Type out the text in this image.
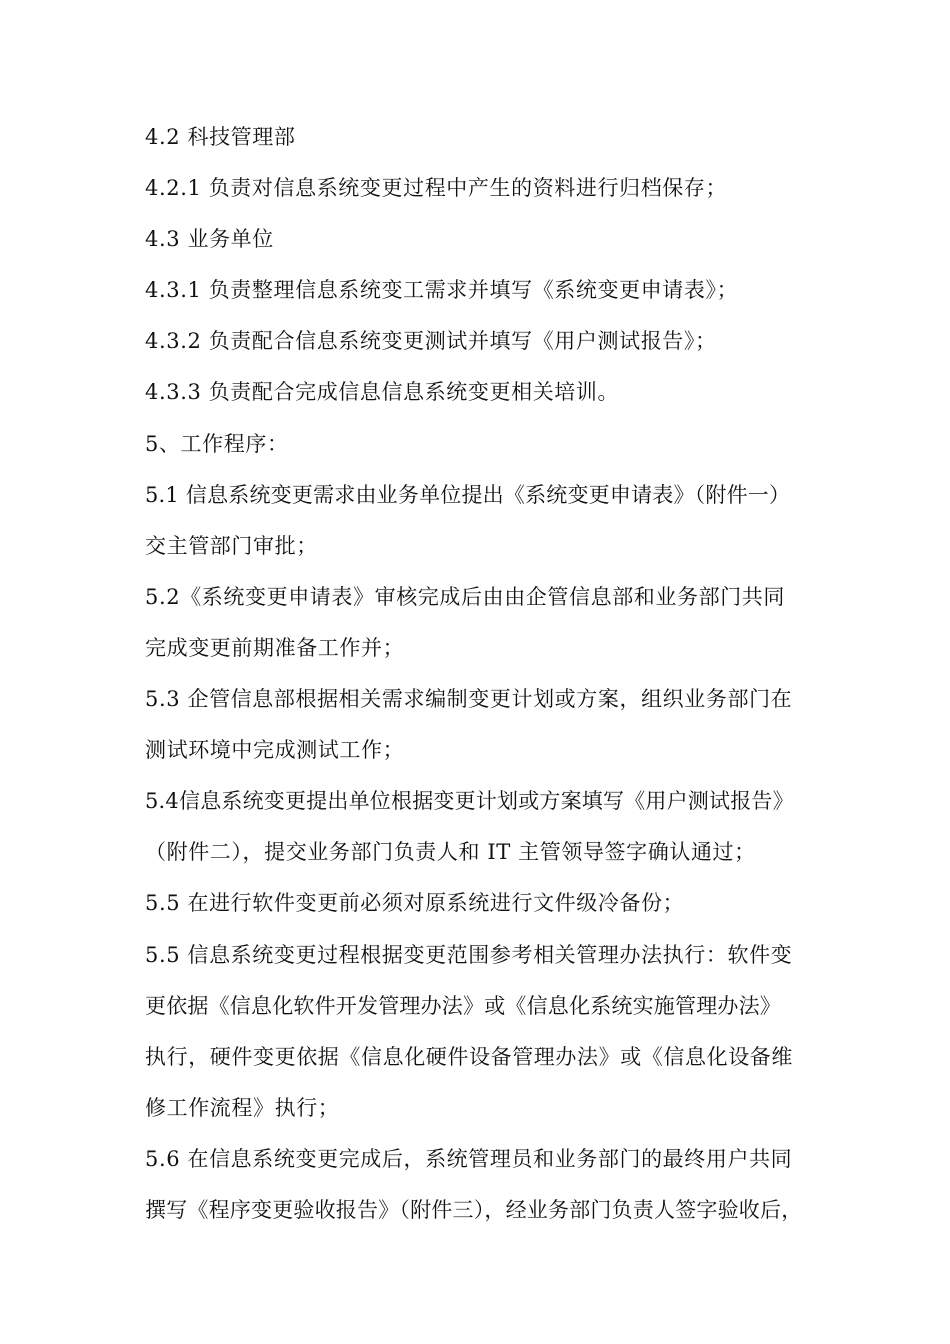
4.2 科技管理部
4.2.1 负责对信息系统变更过程中产生的资料进行归档保存；
4.3 业务单位
4.3.1 负责整理信息系统变工需求并填写《系统变更申请表》；
4.3.2 负责配合信息系统变更测试并填写《用户测试报告》；
4.3.3 负责配合完成信息信息系统变更相关培训。
5、工作程序：
5.1 信息系统变更需求由业务单位提出《系统变更申请表》（附件一）
交主管部门审批；
5.2《系统变更申请表》审核完成后由由企管信息部和业务部门共同
完成变更前期准备工作并；
5.3 企管信息部根据相关需求编制变更计划或方案，组织业务部门在
测试环境中完成测试工作；
5.4信息系统变更提出单位根据变更计划或方案填写《用户测试报告》
（附件二），提交业务部门负责人和 IT 主管领导签字确认通过；
5.5 在进行软件变更前必须对原系统进行文件级冷备份；
5.5 信息系统变更过程根据变更范围参考相关管理办法执行：软件变
更依据《信息化软件开发管理办法》或《信息化系统实施管理办法》
执行，硬件变更依据《信息化硬件设备管理办法》或《信息化设备维
修工作流程》执行；
5.6 在信息系统变更完成后，系统管理员和业务部门的最终用户共同
撰写《程序变更验收报告》（附件三），经业务部门负责人签字验收后，
